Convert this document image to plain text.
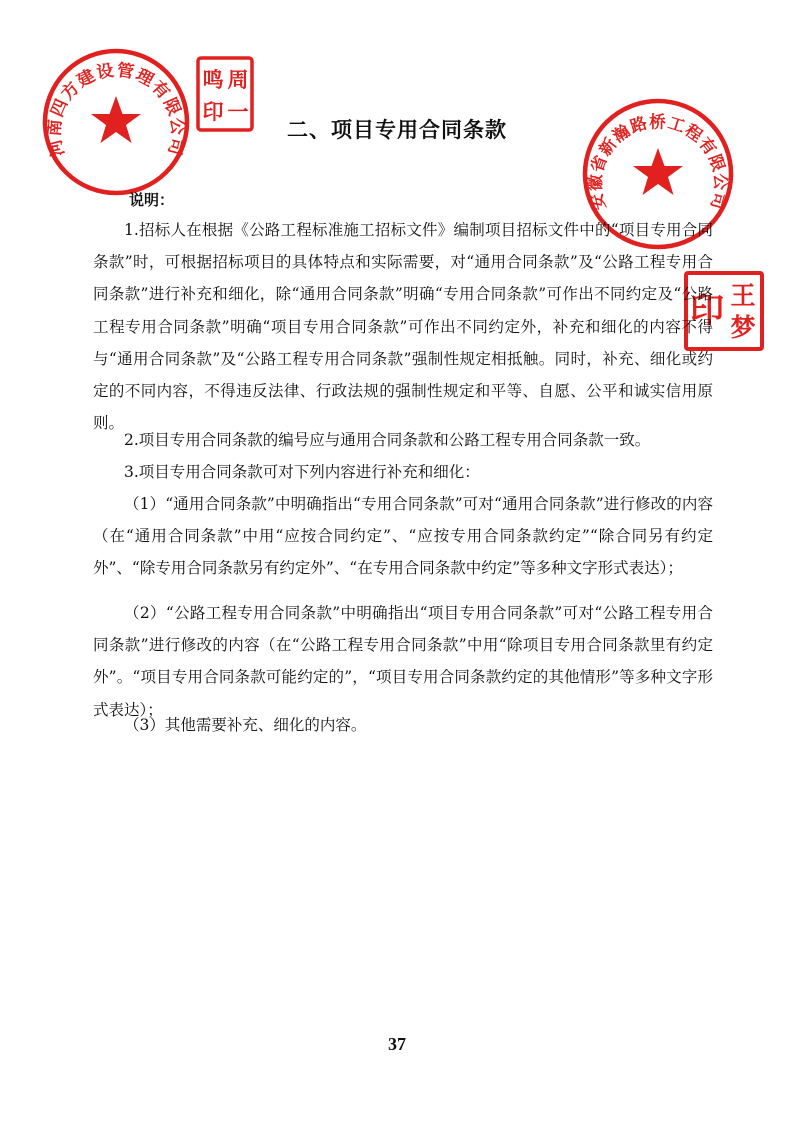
河南四方建设管理有限公司
周
鸣
一
印
安徽省新瀚路桥工程有限公司
王
梦
印
二、项目专用合同条款
说明：
1.招标人在根据《公路工程标准施工招标文件》编制项目招标文件中的“项目专用合同条款”时，可根据招标项目的具体特点和实际需要，对“通用合同条款”及“公路工程专用合同条款”进行补充和细化，除“通用合同条款”明确“专用合同条款”可作出不同约定及“公路工程专用合同条款”明确“项目专用合同条款”可作出不同约定外，补充和细化的内容不得与“通用合同条款”及“公路工程专用合同条款”强制性规定相抵触。同时，补充、细化或约定的不同内容，不得违反法律、行政法规的强制性规定和平等、自愿、公平和诚实信用原则。
2.项目专用合同条款的编号应与通用合同条款和公路工程专用合同条款一致。
3.项目专用合同条款可对下列内容进行补充和细化：
（1）“通用合同条款”中明确指出“专用合同条款”可对“通用合同条款”进行修改的内容（在“通用合同条款”中用“应按合同约定”、“应按专用合同条款约定”“除合同另有约定外”、“除专用合同条款另有约定外”、“在专用合同条款中约定”等多种文字形式表达）；
（2）“公路工程专用合同条款”中明确指出“项目专用合同条款”可对“公路工程专用合同条款”进行修改的内容（在“公路工程专用合同条款”中用“除项目专用合同条款里有约定外”。“项目专用合同条款可能约定的”，“项目专用合同条款约定的其他情形”等多种文字形式表达）；
（3）其他需要补充、细化的内容。
37
